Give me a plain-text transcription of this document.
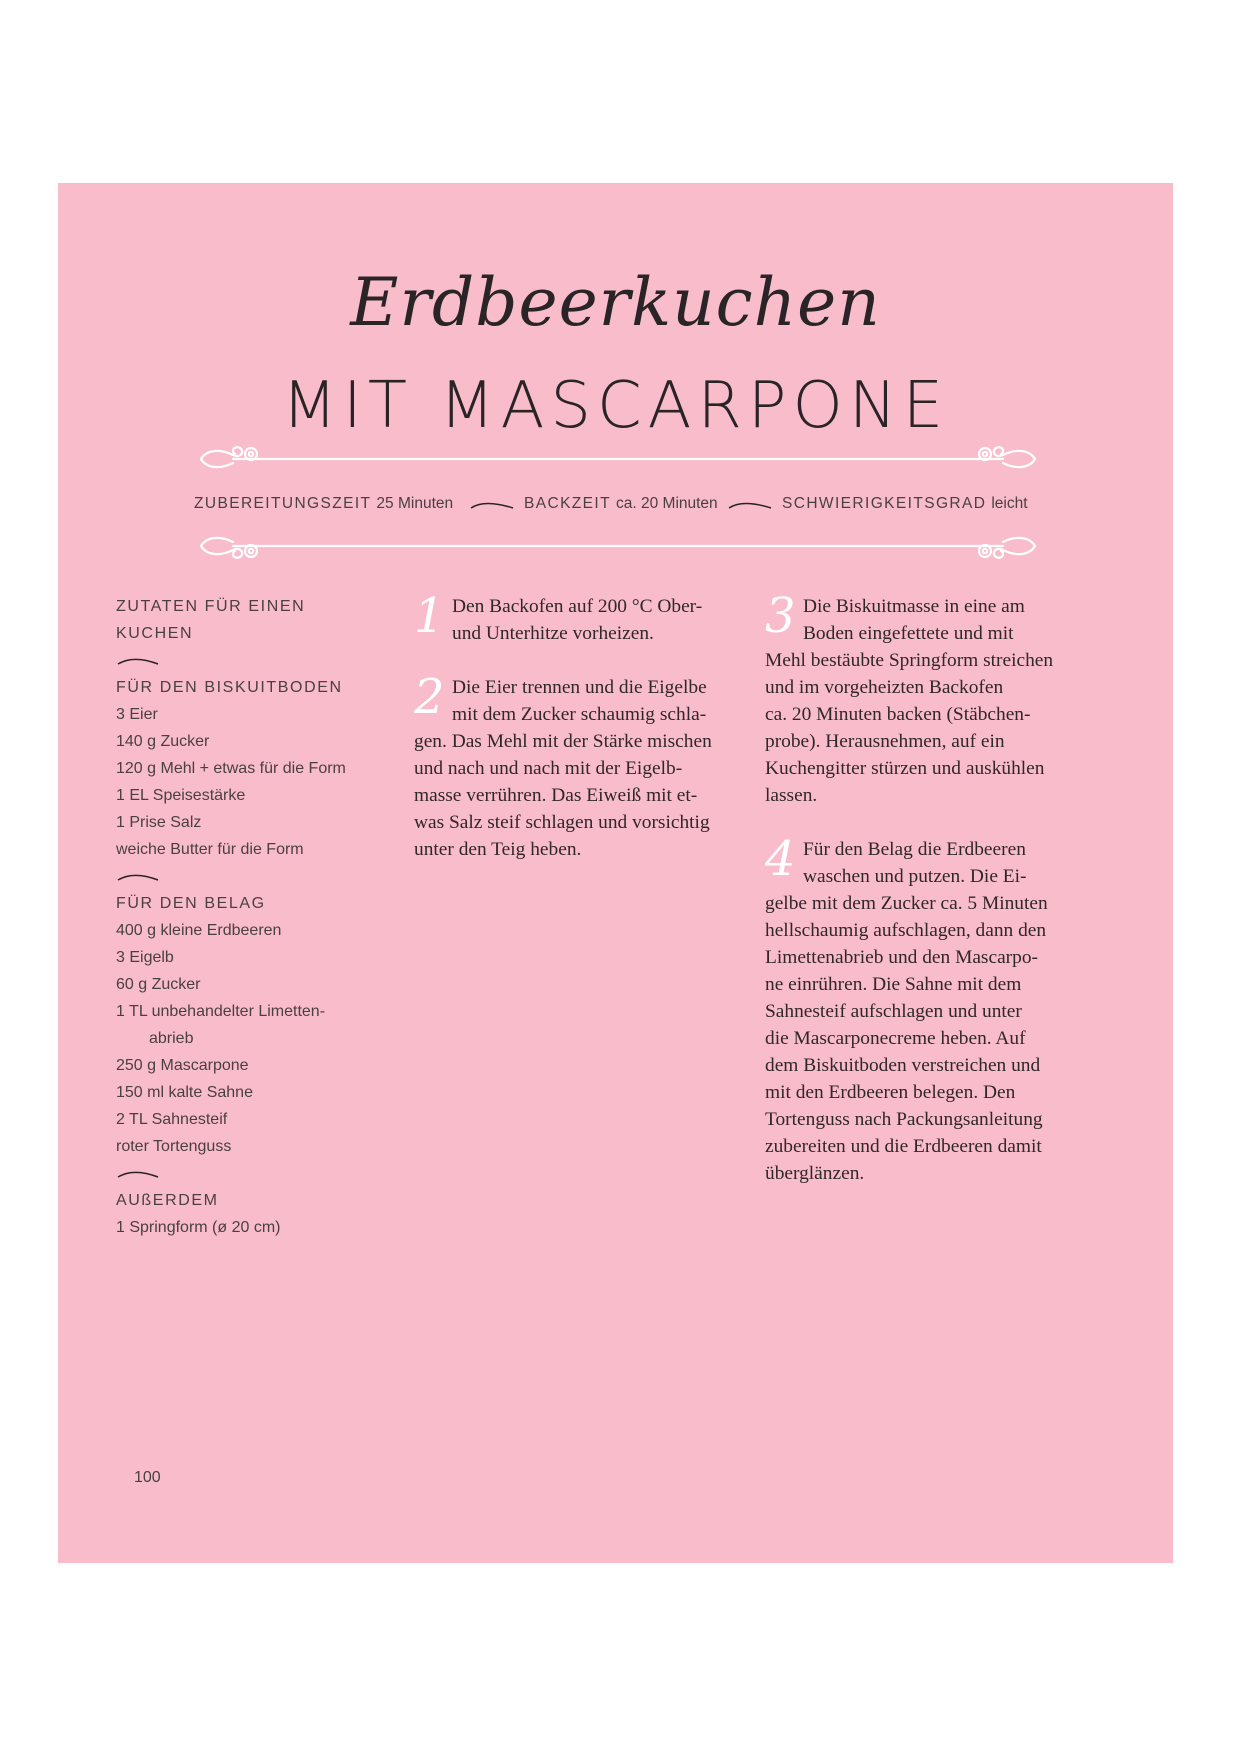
Erdbeerkuchen
MIT MASCARPONE
ZUBEREITUNGSZEIT 25 Minuten	BACKZEIT ca. 20 Minuten	SCHWIERIGKEITSGRAD leicht
ZUTATEN FÜR EINEN
KUCHEN
FÜR DEN BISKUITBODEN
3 Eier
140 g Zucker
120 g Mehl + etwas für die Form
1 EL Speisestärke
1 Prise Salz
weiche Butter für die Form
FÜR DEN BELAG
400 g kleine Erdbeeren
3 Eigelb
60 g Zucker
1 TL unbehandelter Limetten-
abrieb
250 g Mascarpone
150 ml kalte Sahne
2 TL Sahnesteif
roter Tortenguss
AUßERDEM
1 Springform (ø 20 cm)
1 Den Backofen auf 200 °C Ober-
und Unterhitze vorheizen.

2 Die Eier trennen und die Eigelbe
mit dem Zucker schaumig schla-
gen. Das Mehl mit der Stärke mischen
und nach und nach mit der Eigelb-
masse verrühren. Das Eiweiß mit et-
was Salz steif schlagen und vorsichtig
unter den Teig heben.

3 Die Biskuitmasse in eine am
Boden eingefettete und mit
Mehl bestäubte Springform streichen
und im vorgeheizten Backofen
ca. 20 Minuten backen (Stäbchen-
probe). Herausnehmen, auf ein
Kuchengitter stürzen und auskühlen
lassen.

4 Für den Belag die Erdbeeren
waschen und putzen. Die Ei-
gelbe mit dem Zucker ca. 5 Minuten
hellschaumig aufschlagen, dann den
Limettenabrieb und den Mascarpo-
ne einrühren. Die Sahne mit dem
Sahnesteif aufschlagen und unter
die Mascarponecreme heben. Auf
dem Biskuitboden verstreichen und
mit den Erdbeeren belegen. Den
Tortenguss nach Packungsanleitung
zubereiten und die Erdbeeren damit
überglänzen.

100
